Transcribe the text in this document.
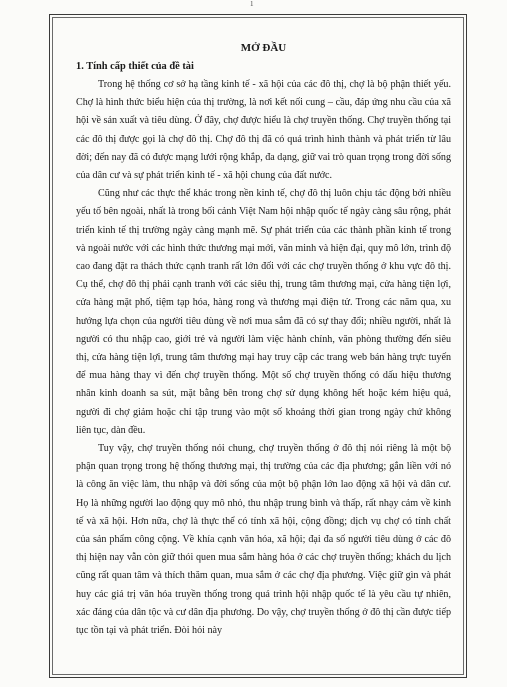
1
MỞ ĐẦU
1. Tính cấp thiết của đề tài

Trong hệ thống cơ sở hạ tầng kinh tế - xã hội của các đô thị, chợ là bộ phận thiết yếu. Chợ là hình thức biểu hiện của thị trường, là nơi kết nối cung – cầu, đáp ứng nhu cầu của xã hội về sản xuất và tiêu dùng. Ở đây, chợ được hiểu là chợ truyền thống. Chợ truyền thống tại các đô thị được gọi là chợ đô thị. Chợ đô thị đã có quá trình hình thành và phát triển từ lâu đời; đến nay đã có được mạng lưới rộng khắp, đa dạng, giữ vai trò quan trọng trong đời sống của dân cư và sự phát triển kinh tế - xã hội chung của đất nước.

Cũng như các thực thể khác trong nền kinh tế, chợ đô thị luôn chịu tác động bởi nhiều yếu tố bên ngoài, nhất là trong bối cảnh Việt Nam hội nhập quốc tế ngày càng sâu rộng, phát triển kinh tế thị trường ngày càng mạnh mẽ. Sự phát triển của các thành phần kinh tế trong và ngoài nước với các hình thức thương mại mới, văn minh và hiện đại, quy mô lớn, trình độ cao đang đặt ra thách thức cạnh tranh rất lớn đối với các chợ truyền thống ở khu vực đô thị. Cụ thể, chợ đô thị phải cạnh tranh với các siêu thị, trung tâm thương mại, cửa hàng tiện lợi, cửa hàng mặt phố, tiệm tạp hóa, hàng rong và thương mại điện tử. Trong các năm qua, xu hướng lựa chọn của người tiêu dùng về nơi mua sắm đã có sự thay đổi; nhiều người, nhất là người có thu nhập cao, giới trẻ và người làm việc hành chính, văn phòng thường đến siêu thị, cửa hàng tiện lợi, trung tâm thương mại hay truy cập các trang web bán hàng trực tuyến để mua hàng thay vì đến chợ truyền thống. Một số chợ truyền thống có dấu hiệu thương nhân kinh doanh sa sút, mặt bằng bên trong chợ sử dụng không hết hoặc kém hiệu quả, người đi chợ giảm hoặc chỉ tập trung vào một số khoảng thời gian trong ngày chứ không liên tục, dàn đều.

Tuy vậy, chợ truyền thống nói chung, chợ truyền thống ở đô thị nói riêng là một bộ phận quan trọng trong hệ thống thương mại, thị trường của các địa phương; gắn liền với nó là công ăn việc làm, thu nhập và đời sống của một bộ phận lớn lao động xã hội và dân cư. Họ là những người lao động quy mô nhỏ, thu nhập trung bình và thấp, rất nhạy cảm về kinh tế và xã hội. Hơn nữa, chợ là thực thể có tính xã hội, cộng đồng; dịch vụ chợ có tính chất của sản phẩm công cộng. Về khía cạnh văn hóa, xã hội; đại đa số người tiêu dùng ở các đô thị hiện nay vẫn còn giữ thói quen mua sắm hàng hóa ở các chợ truyền thống; khách du lịch cũng rất quan tâm và thích thăm quan, mua sắm ở các chợ địa phương. Việc giữ gìn và phát huy các giá trị văn hóa truyền thống trong quá trình hội nhập quốc tế là yêu cầu tự nhiên, xác đáng của dân tộc và cư dân địa phương. Do vậy, chợ truyền thống ở đô thị cần được tiếp tục tồn tại và phát triển. Đòi hỏi này
